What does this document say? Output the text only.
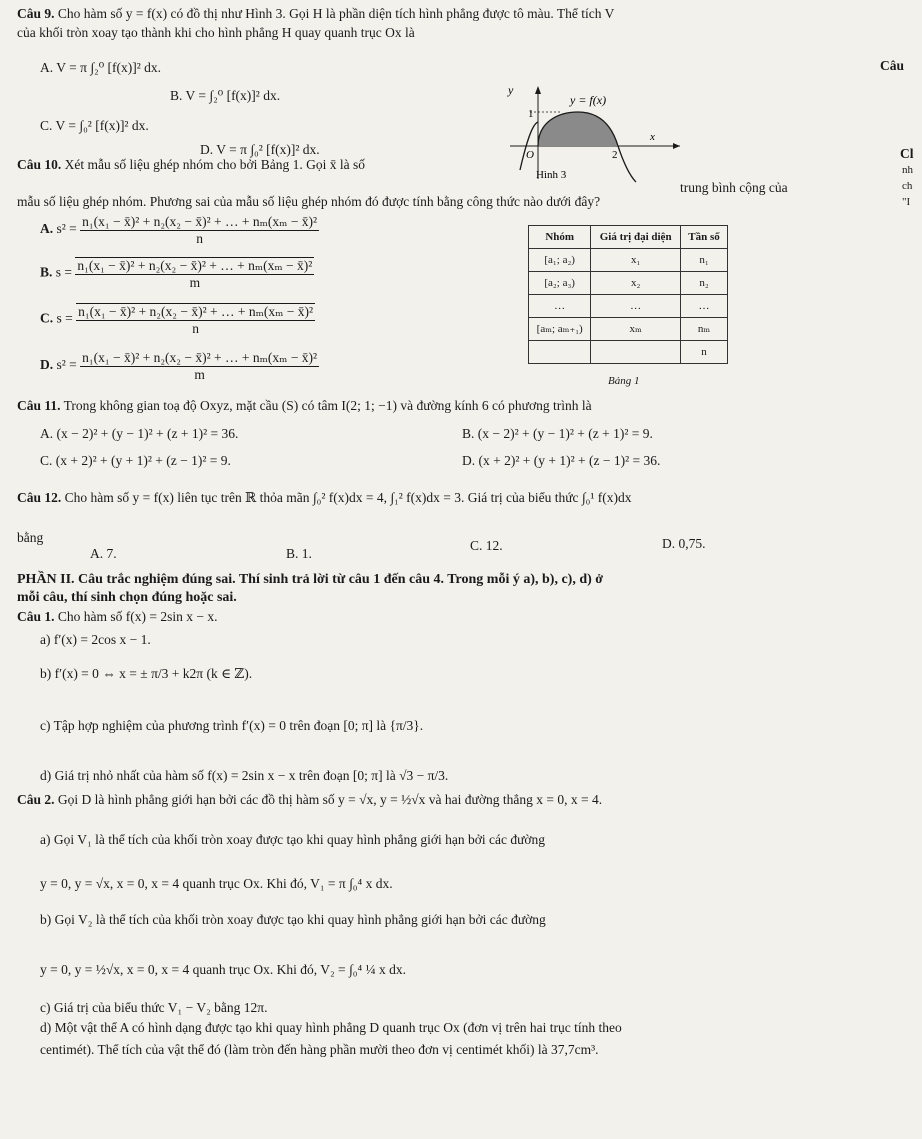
Câu 9. Cho hàm số y = f(x) có đồ thị như Hình 3. Gọi H là phần diện tích hình phẳng được tô màu. Thể tích V
của khối tròn xoay tạo thành khi cho hình phẳng H quay quanh trục Ox là
A. V = π ∫₂⁰ [f(x)]² dx.
B. V = ∫₂⁰ [f(x)]² dx.
C. V = ∫₀² [f(x)]² dx.
D. V = π ∫₀² [f(x)]² dx.
y
1
y = f(x)
x
O	2
Hình 3
Câu
Cl
nh
ch
"I
Câu 10. Xét mẫu số liệu ghép nhóm cho bởi Bảng 1. Gọi x̄ là số
trung bình cộng của
mẫu số liệu ghép nhóm. Phương sai của mẫu số liệu ghép nhóm đó được tính bằng công thức nào dưới đây?
A. $s^2 = \frac{\text{n₁(x₁ − x̄)² + n₂(x₂ − x̄)² + … + nₘ(xₘ − x̄)²}}{n}$
B. $s = \frac{\text{n₁(x₁ − x̄)² + n₂(x₂ − x̄)² + … + nₘ(xₘ − x̄)²}}{m}$
C. $s = \frac{\text{n₁(x₁ − x̄)² + n₂(x₂ − x̄)² + … + nₘ(xₘ − x̄)²}}{n}$
D. $s^2 = \frac{\text{n₁(x₁ − x̄)² + n₂(x₂ − x̄)² + … + nₘ(xₘ − x̄)²}}{m}$
Nhóm	Giá trị đại diện	Tần số
[a₁; a₂)	x₁	n₁
[a₂; a₃)	x₂	n₂
…	…	…
[aₘ; aₘ₊₁)	xₘ	nₘ
		n
Bảng 1
Câu 11. Trong không gian toạ độ Oxyz, mặt cầu (S) có tâm I(2; 1; −1) và đường kính 6 có phương trình là
A. (x − 2)² + (y − 1)² + (z + 1)² = 36.	B. (x − 2)² + (y − 1)² + (z + 1)² = 9.
C. (x + 2)² + (y + 1)² + (z − 1)² = 9.	D. (x + 2)² + (y + 1)² + (z − 1)² = 36.
Câu 12. Cho hàm số y = f(x) liên tục trên ℝ thỏa mãn ∫₀² f(x)dx = 4, ∫₁² f(x)dx = 3. Giá trị của biểu thức ∫₀¹ f(x)dx
bằng
A. 7.	B. 1.
C. 12.	D. 0,75.
PHẦN II. Câu trắc nghiệm đúng sai. Thí sinh trả lời từ câu 1 đến câu 4. Trong mỗi ý a), b), c), d) ở
mỗi câu, thí sinh chọn đúng hoặc sai.
Câu 1. Cho hàm số f(x) = 2sin x − x.
a) f′(x) = 2cos x − 1.
b) f′(x) = 0 ⇔ x = ± π/3 + k2π (k ∈ ℤ).
c) Tập hợp nghiệm của phương trình f′(x) = 0 trên đoạn [0; π] là {π/3}.
d) Giá trị nhỏ nhất của hàm số f(x) = 2sin x − x trên đoạn [0; π] là √3 − π/3.
Câu 2. Gọi D là hình phẳng giới hạn bởi các đồ thị hàm số y = √x, y = ½√x và hai đường thẳng x = 0, x = 4.
a) Gọi V₁ là thể tích của khối tròn xoay được tạo khi quay hình phẳng giới hạn bởi các đường
y = 0, y = √x, x = 0, x = 4 quanh trục Ox. Khi đó, V₁ = π ∫₀⁴ x dx.
b) Gọi V₂ là thể tích của khối tròn xoay được tạo khi quay hình phẳng giới hạn bởi các đường
y = 0, y = ½√x, x = 0, x = 4 quanh trục Ox. Khi đó, V₂ = ∫₀⁴ ¼ x dx.
c) Giá trị của biểu thức V₁ − V₂ bằng 12π.
d) Một vật thể A có hình dạng được tạo khi quay hình phẳng D quanh trục Ox (đơn vị trên hai trục tính theo
centimét). Thể tích của vật thể đó (làm tròn đến hàng phần mười theo đơn vị centimét khối) là 37,7cm³.
